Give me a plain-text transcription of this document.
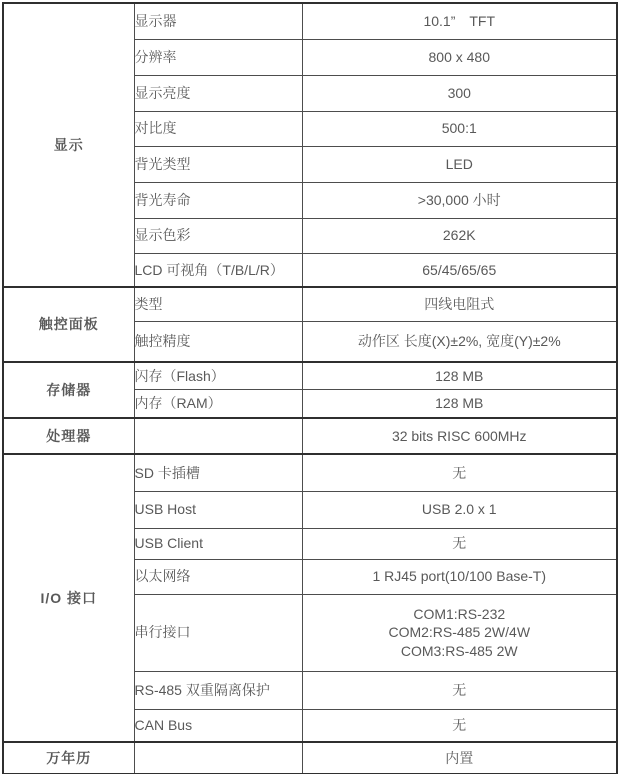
显示	显示器	10.1”　TFT
	分辨率	800 x 480
	显示亮度	300
	对比度	500:1
	背光类型	LED
	背光寿命	>30,000 小时
	显示色彩	262K
	LCD 可视角（T/B/L/R）	65/45/65/65
触控面板	类型	四线电阻式
	触控精度	动作区 长度(X)±2%, 宽度(Y)±2%
存储器	闪存（Flash）	128 MB
	内存（RAM）	128 MB
处理器		32 bits RISC 600MHz
I/O 接口	SD 卡插槽	无
	USB Host	USB 2.0 x 1
	USB Client	无
	以太网络	1 RJ45 port(10/100 Base-T)
	串行接口	COM1:RS-232
COM2:RS-485 2W/4W
COM3:RS-485 2W

	RS-485 双重隔离保护	无
	CAN Bus	无
万年历		内置
